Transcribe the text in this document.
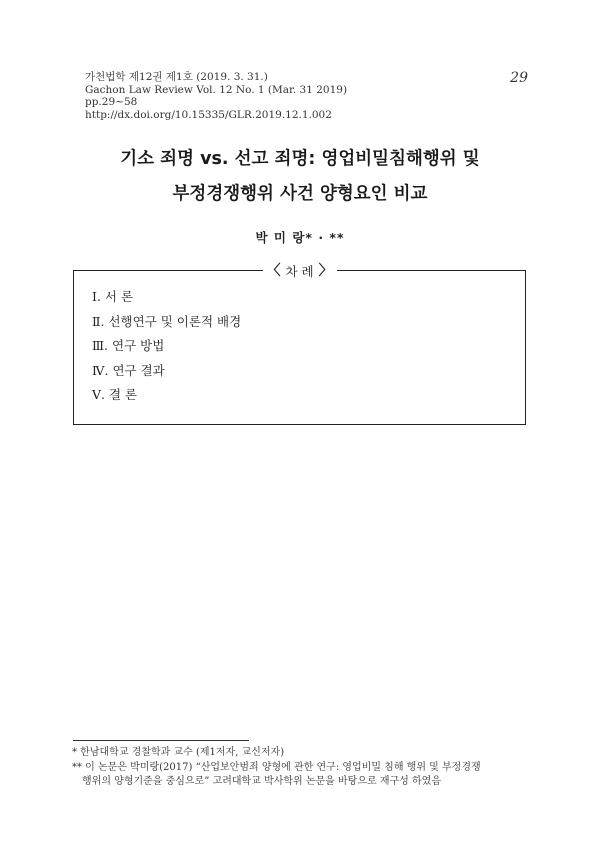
가천법학 제12권 제1호 (2019. 3. 31.)
Gachon Law Review Vol. 12 No. 1 (Mar. 31 2019)
pp.29~58
http://dx.doi.org/10.15335/GLR.2019.12.1.002
29
기소 죄명 vs. 선고 죄명: 영업비밀침해행위 및
부정경쟁행위 사건 양형요인 비교
박 미 랑* · **
〈 차 례 〉
Ⅰ. 서 론
Ⅱ. 선행연구 및 이론적 배경
Ⅲ. 연구 방법
Ⅳ. 연구 결과
Ⅴ. 결 론
* 한남대학교 경찰학과 교수 (제1저자, 교신저자)
** 이 논문은 박미랑(2017) “산업보안범죄 양형에 관한 연구: 영업비밀 침해 행위 및 부정경쟁
행위의 양형기준을 중심으로” 고려대학교 박사학위 논문을 바탕으로 재구성 하였음
